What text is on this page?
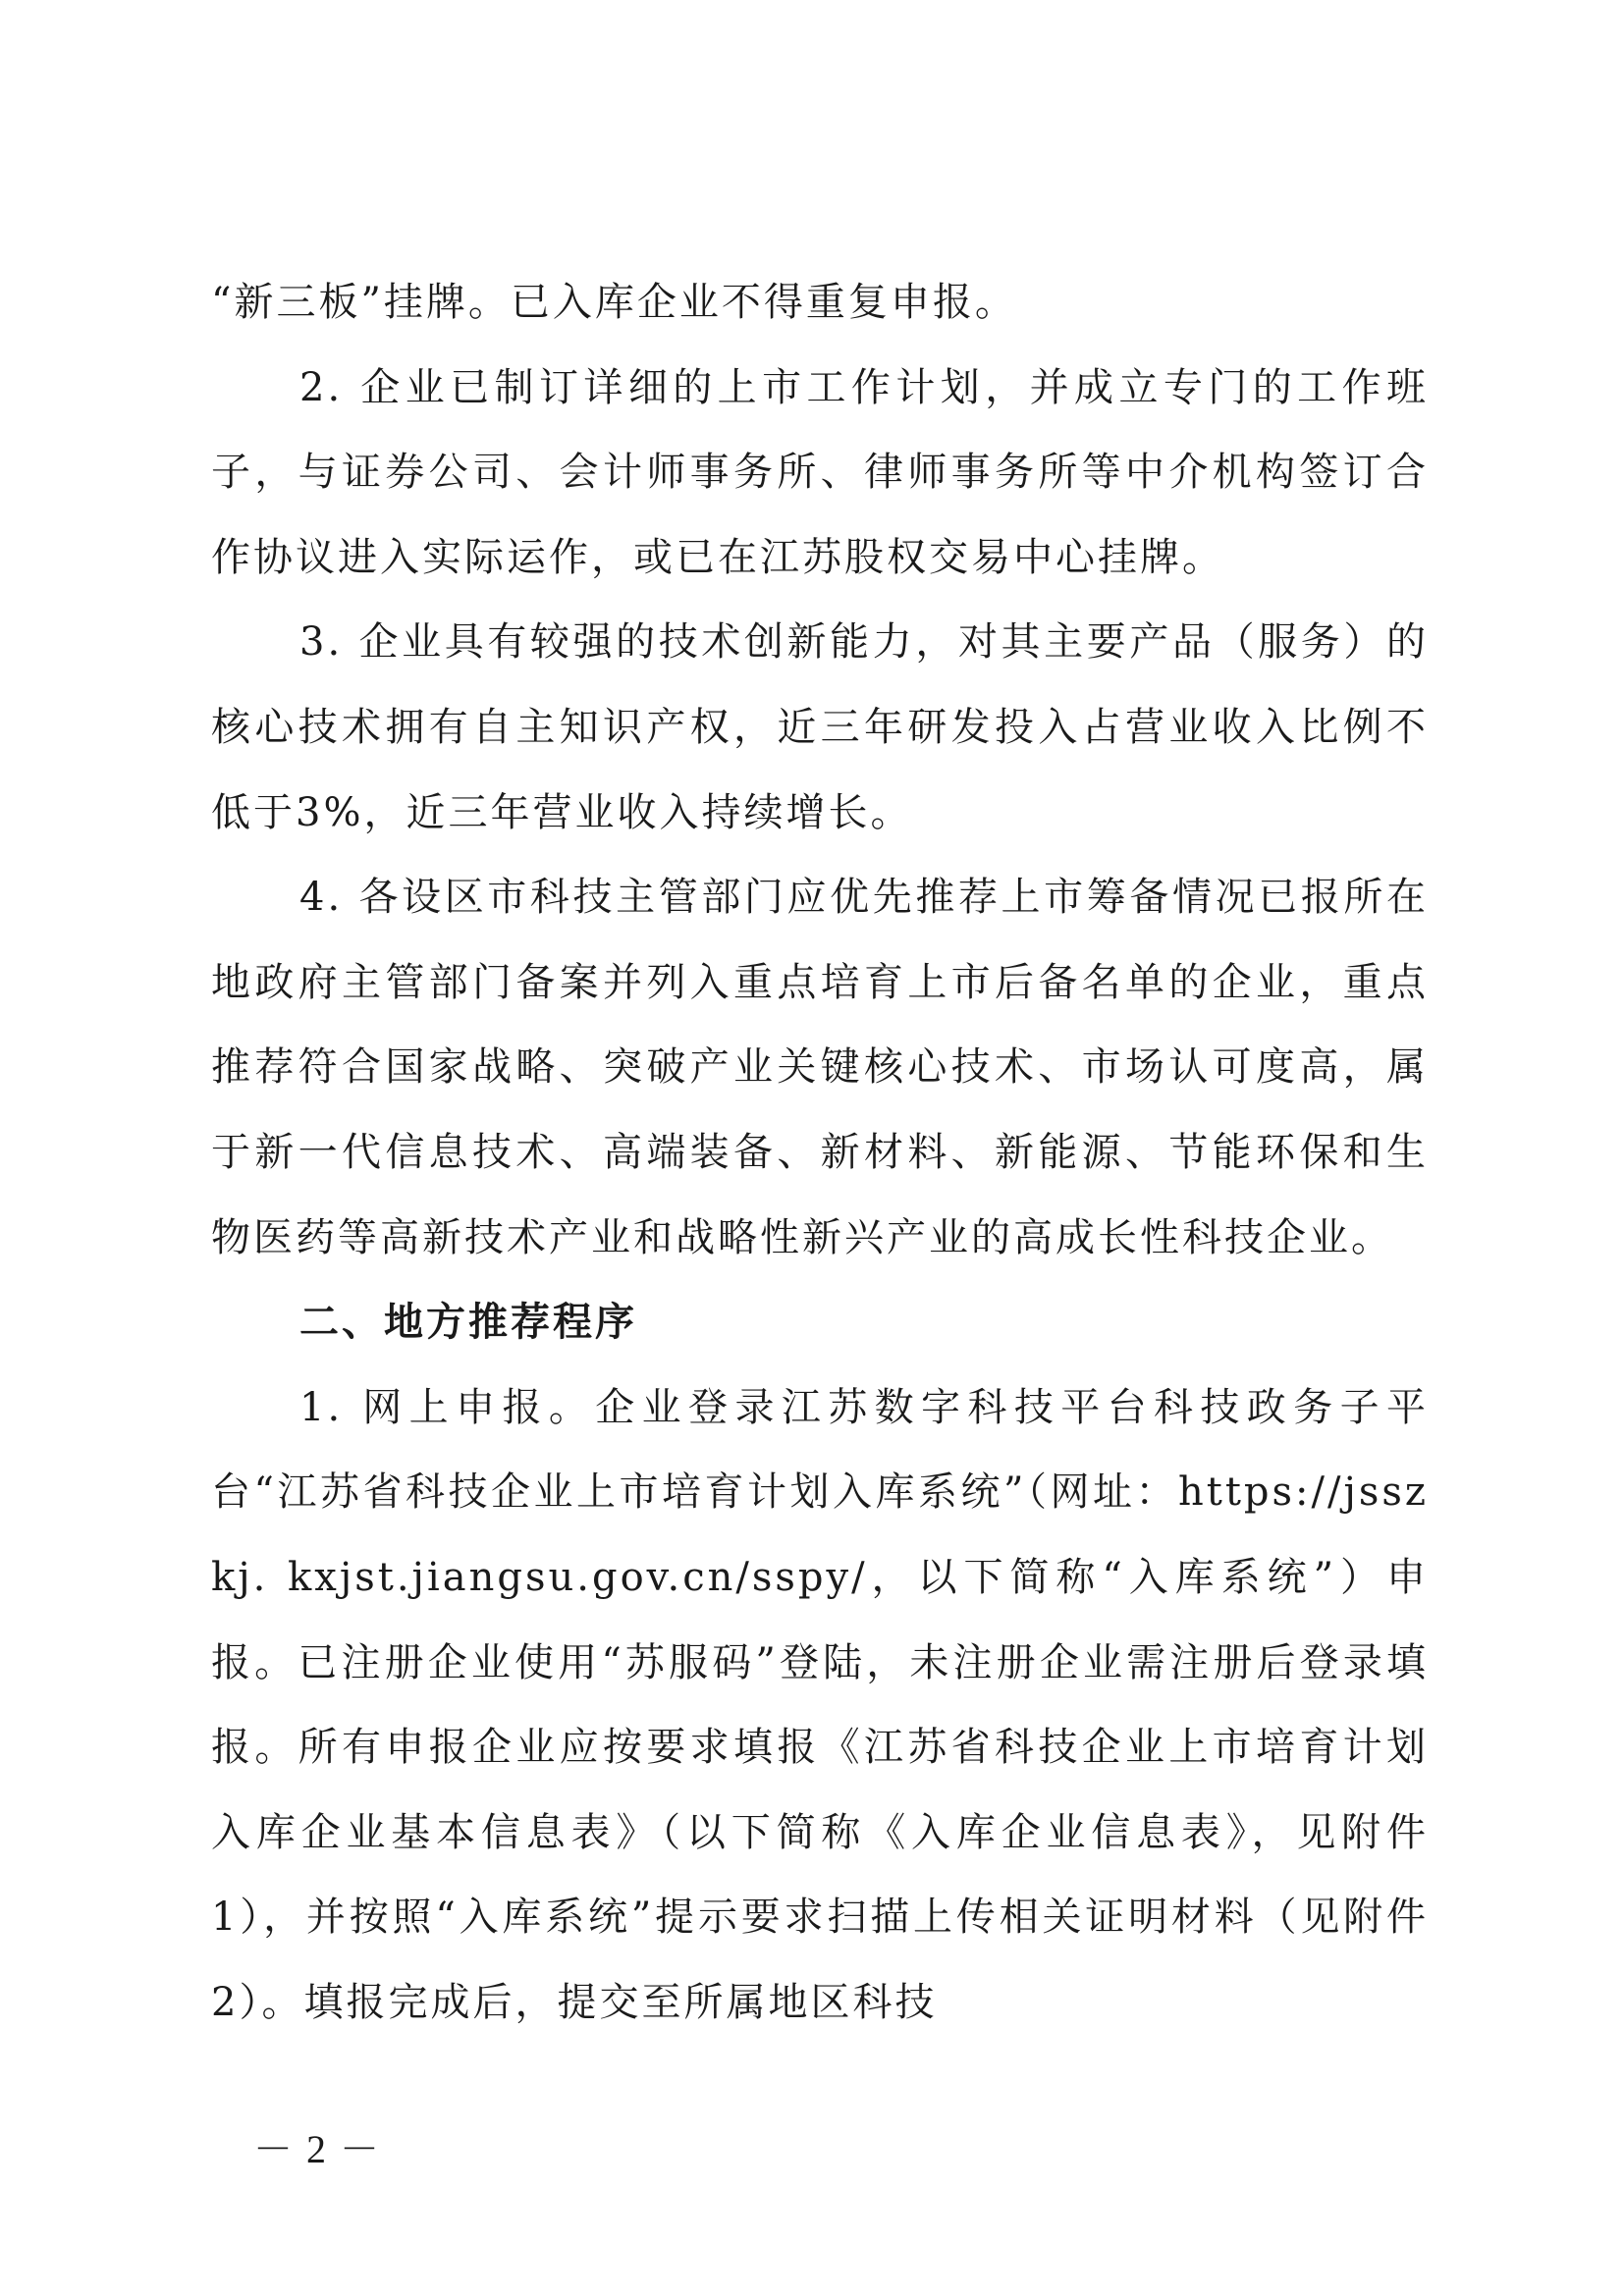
“新三板”挂牌。已入库企业不得重复申报。

2. 企业已制订详细的上市工作计划，并成立专门的工作班子，与证券公司、会计师事务所、律师事务所等中介机构签订合作协议进入实际运作，或已在江苏股权交易中心挂牌。

3. 企业具有较强的技术创新能力，对其主要产品（服务）的核心技术拥有自主知识产权，近三年研发投入占营业收入比例不低于3%，近三年营业收入持续增长。

4. 各设区市科技主管部门应优先推荐上市筹备情况已报所在地政府主管部门备案并列入重点培育上市后备名单的企业，重点推荐符合国家战略、突破产业关键核心技术、市场认可度高，属于新一代信息技术、高端装备、新材料、新能源、节能环保和生物医药等高新技术产业和战略性新兴产业的高成长性科技企业。

二、地方推荐程序

1. 网上申报。企业登录江苏数字科技平台科技政务子平台“江苏省科技企业上市培育计划入库系统”（网址：https://jsszkj. kxjst.jiangsu.gov.cn/sspy/，以下简称“入库系统”）申报。已注册企业使用“苏服码”登陆，未注册企业需注册后登录填报。所有申报企业应按要求填报《江苏省科技企业上市培育计划入库企业基本信息表》（以下简称《入库企业信息表》，见附件1），并按照“入库系统”提示要求扫描上传相关证明材料（见附件2）。填报完成后，提交至所属地区科技

－ 2 －
